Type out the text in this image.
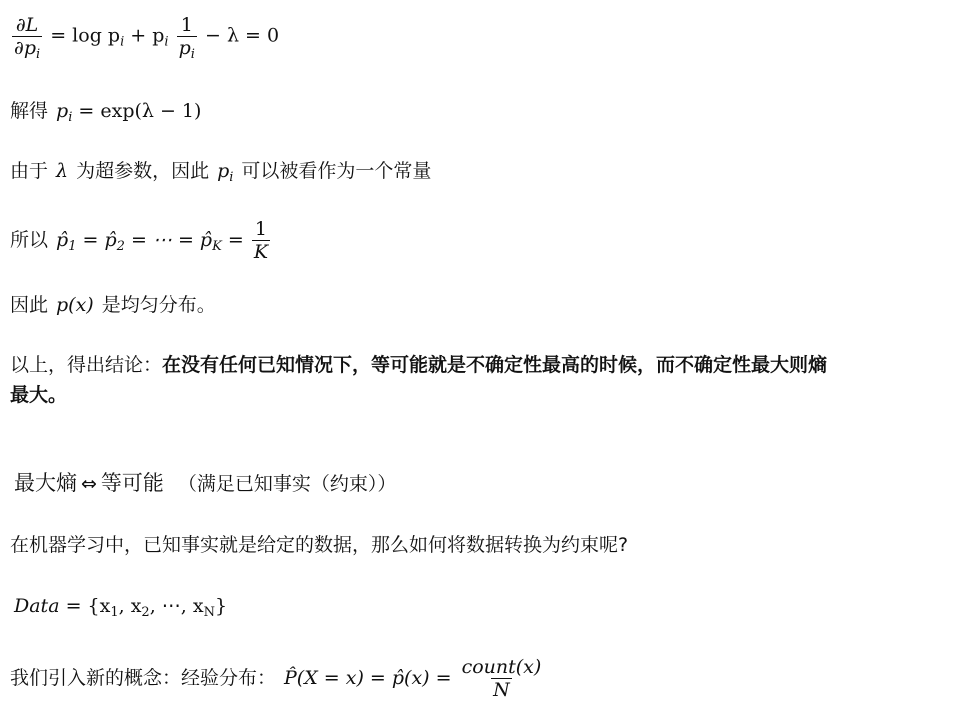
$\frac{\partial L}{\partial p_i} = \log p_i + p_i \frac{1}{p_i} - \lambda = 0$
解得 $p_i = \exp(\lambda - 1)$
由于 λ 为超参数，因此 $p_i$ 可以被看作为一个常量
所以 $p̂_1$ = $p̂_2$ = ⋯ = $p̂_K = \frac{1}{K}$
因此 p(x) 是均匀分布。
以上，得出结论：在没有任何已知情况下，等可能就是不确定性最高的时候，而不确定性最大则熵
最大。
最大熵 ⇔ 等可能 （满足已知事实（约束））
在机器学习中，已知事实就是给定的数据，那么如何将数据转换为约束呢?
Data = {$x_1$, $x_2$, ⋯, $x_N$}
我们引入新的概念：经验分布： P̂(X = x) = p̂(x) = $\frac{\text{count(x)}}{N}$
